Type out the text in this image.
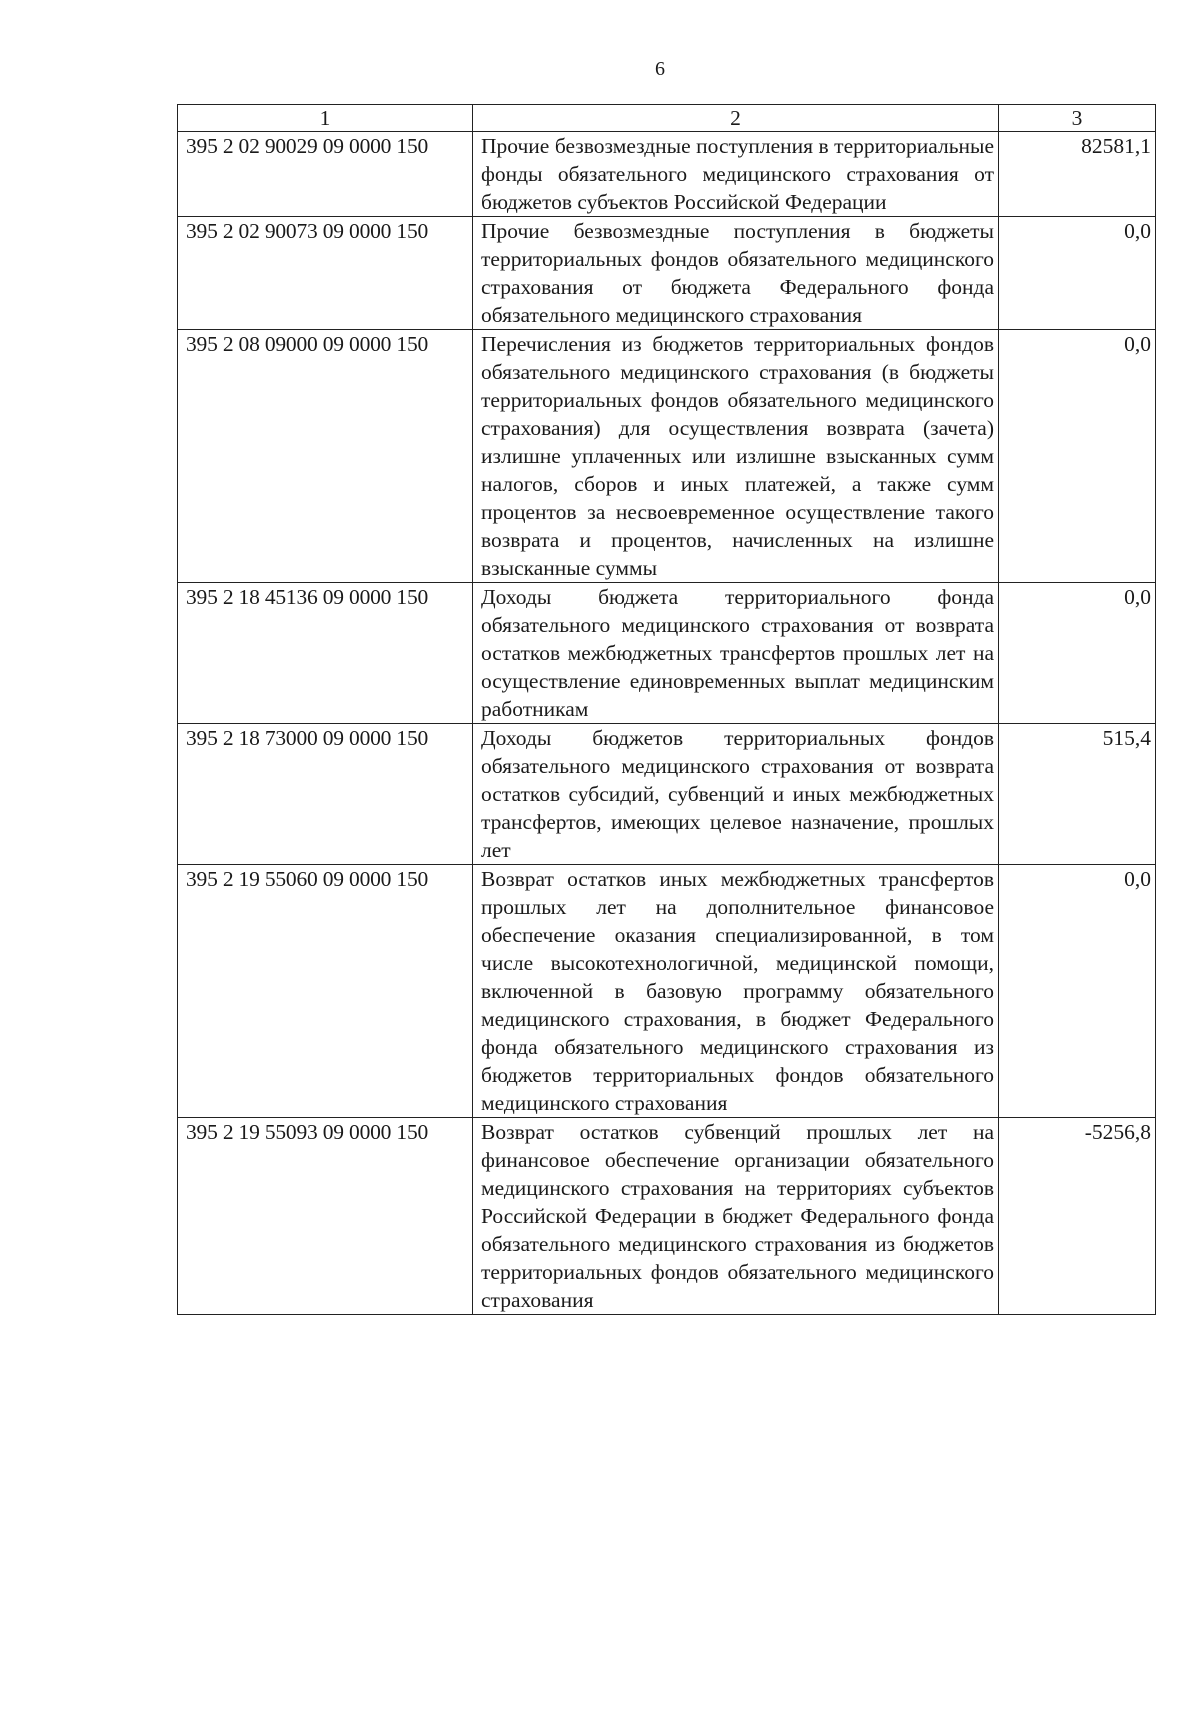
6
1	2	3
395 2 02 90029 09 0000 150	Прочие безвозмездные поступления в территориальные фонды обязательного медицинского страхования от бюджетов субъектов Российской Федерации	82581,1
395 2 02 90073 09 0000 150	Прочие безвозмездные поступления в бюджеты территориальных фондов обязательного медицинского страхования от бюджета Федерального фонда обязательного медицинского страхования	0,0
395 2 08 09000 09 0000 150	Перечисления из бюджетов территориальных фондов обязательного медицинского страхования (в бюджеты территориальных фондов обязательного медицинского страхования) для осуществления возврата (зачета) излишне уплаченных или излишне взысканных сумм налогов, сборов и иных платежей, а также сумм процентов за несвоевременное осуществление такого возврата и процентов, начисленных на излишне взысканные суммы	0,0
395 2 18 45136 09 0000 150	Доходы бюджета территориального фонда обязательного медицинского страхования от возврата остатков межбюджетных трансфертов прошлых лет на осуществление единовременных выплат медицинским работникам	0,0
395 2 18 73000 09 0000 150	Доходы бюджетов территориальных фондов обязательного медицинского страхования от возврата остатков субсидий, субвенций и иных межбюджетных трансфертов, имеющих целевое назначение, прошлых лет	515,4
395 2 19 55060 09 0000 150	Возврат остатков иных межбюджетных трансфертов прошлых лет на дополнительное финансовое обеспечение оказания специализированной, в том числе высокотехнологичной, медицинской помощи, включенной в базовую программу обязательного медицинского страхования, в бюджет Федерального фонда обязательного медицинского страхования из бюджетов территориальных фондов обязательного медицинского страхования	0,0
395 2 19 55093 09 0000 150	Возврат остатков субвенций прошлых лет на финансовое обеспечение организации обязательного медицинского страхования на территориях субъектов Российской Федерации в бюджет Федерального фонда обязательного медицинского страхования из бюджетов территориальных фондов обязательного медицинского страхования	-5256,8
